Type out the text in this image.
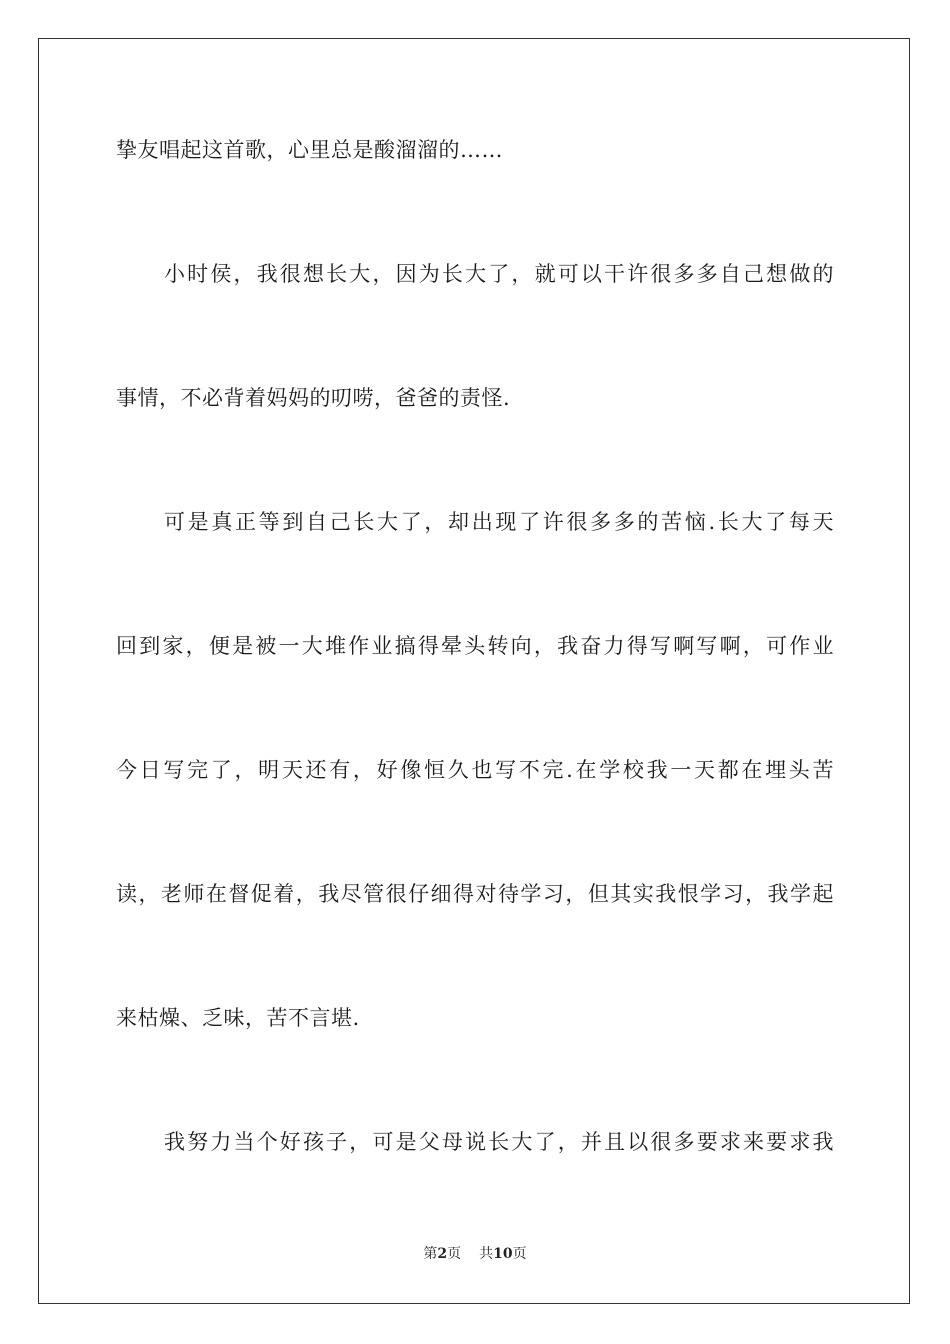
挚友唱起这首歌，心里总是酸溜溜的……
小时侯，我很想长大，因为长大了，就可以干许很多多自己想做的
事情，不必背着妈妈的叨唠，爸爸的责怪.
可是真正等到自己长大了，却出现了许很多多的苦恼.长大了每天
回到家，便是被一大堆作业搞得晕头转向，我奋力得写啊写啊，可作业
今日写完了，明天还有，好像恒久也写不完.在学校我一天都在埋头苦
读，老师在督促着，我尽管很仔细得对待学习，但其实我恨学习，我学起
来枯燥、乏味，苦不言堪.
我努力当个好孩子，可是父母说长大了，并且以很多要求来要求我
第2页 共10页
